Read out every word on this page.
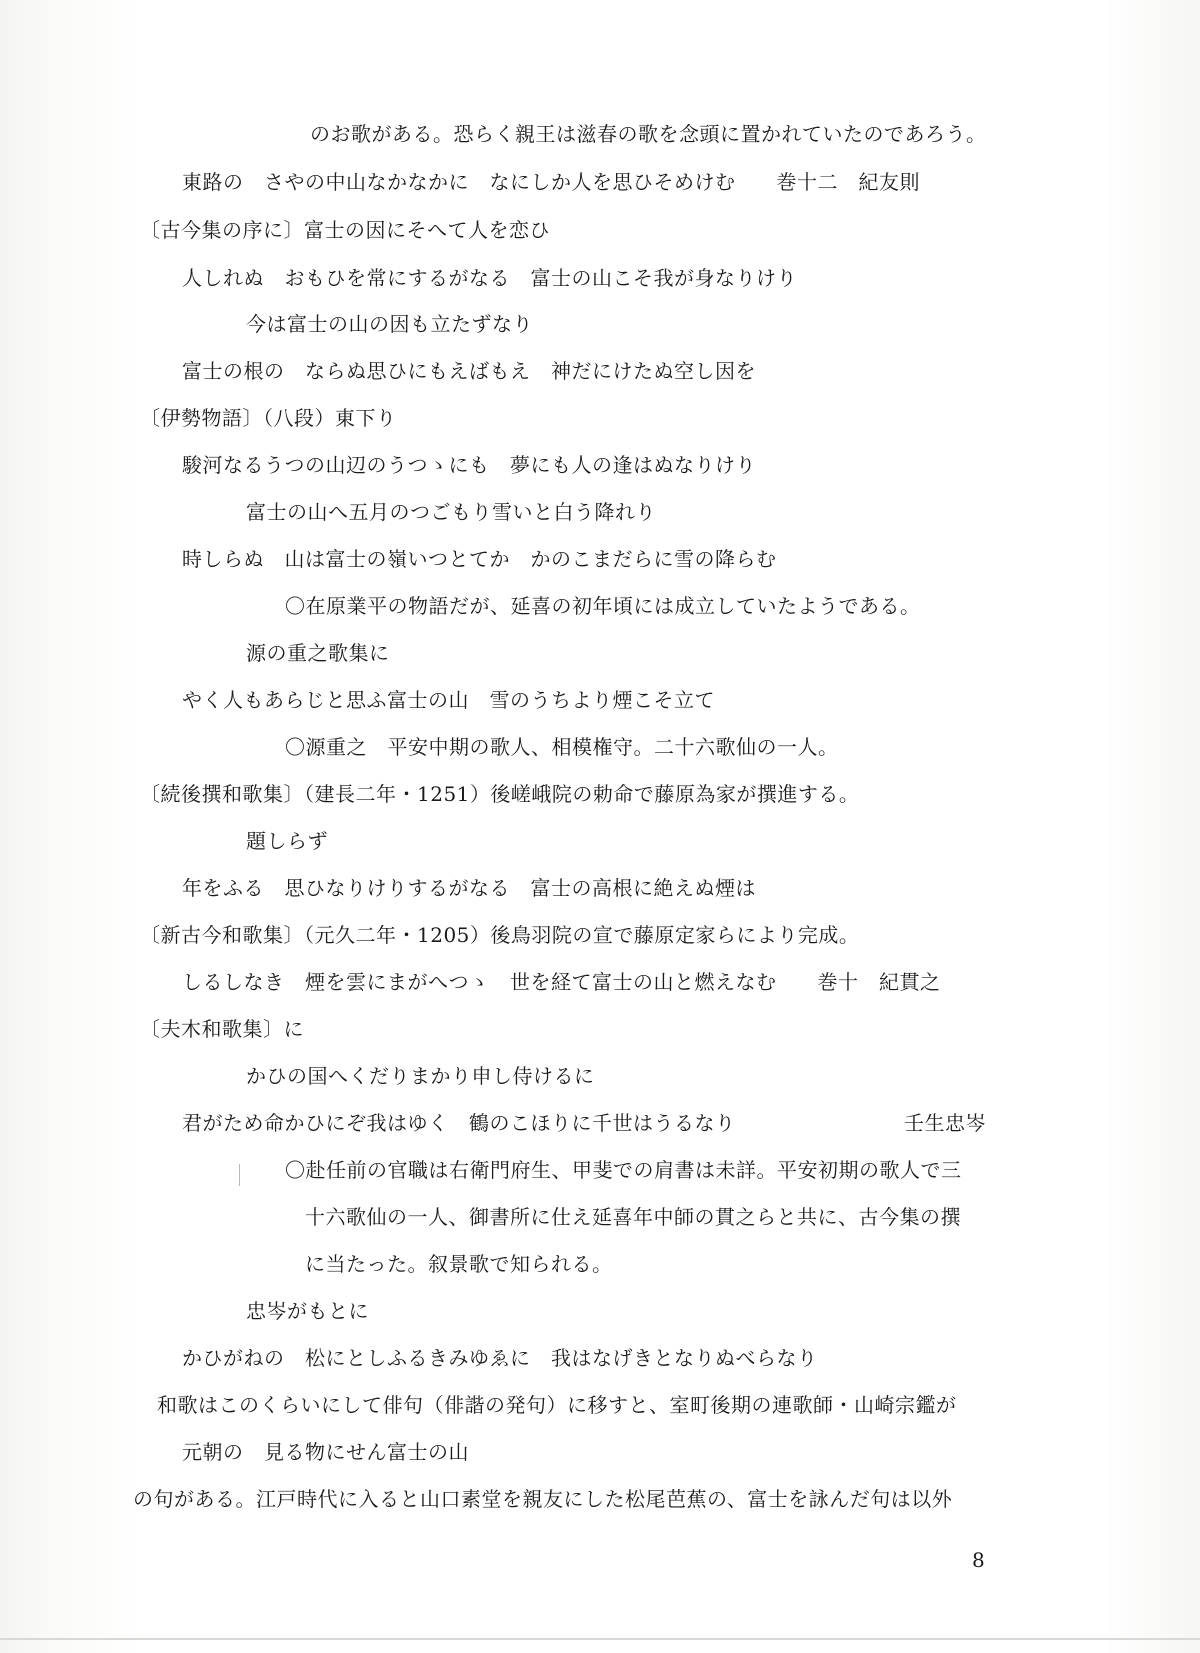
のお歌がある。恐らく親王は滋春の歌を念頭に置かれていたのであろう。
東路の　さやの中山なかなかに　なにしか人を思ひそめけむ　　巻十二　紀友則
〔古今集の序に〕富士の因にそへて人を恋ひ
人しれぬ　おもひを常にするがなる　富士の山こそ我が身なりけり
今は富士の山の因も立たずなり
富士の根の　ならぬ思ひにもえばもえ　神だにけたぬ空し因を
〔伊勢物語〕（八段）東下り
駿河なるうつの山辺のうつゝにも　夢にも人の逢はぬなりけり
富士の山へ五月のつごもり雪いと白う降れり
時しらぬ　山は富士の嶺いつとてか　かのこまだらに雪の降らむ
〇在原業平の物語だが、延喜の初年頃には成立していたようである。
源の重之歌集に
やく人もあらじと思ふ富士の山　雪のうちより煙こそ立て
〇源重之　平安中期の歌人、相模権守。二十六歌仙の一人。
〔続後撰和歌集〕（建長二年・1251）後嵯峨院の勅命で藤原為家が撰進する。
題しらず
年をふる　思ひなりけりするがなる　富士の高根に絶えぬ煙は
〔新古今和歌集〕（元久二年・1205）後鳥羽院の宣で藤原定家らにより完成。
しるしなき　煙を雲にまがへつゝ　世を経て富士の山と燃えなむ　　巻十　紀貫之
〔夫木和歌集〕に
かひの国へくだりまかり申し侍けるに
君がため命かひにぞ我はゆく　鶴のこほりに千世はうるなり	壬生忠岑
〇赴任前の官職は右衛門府生、甲斐での肩書は未詳。平安初期の歌人で三
十六歌仙の一人、御書所に仕え延喜年中師の貫之らと共に、古今集の撰
に当たった。叙景歌で知られる。
忠岑がもとに
かひがねの　松にとしふるきみゆゑに　我はなげきとなりぬべらなり
和歌はこのくらいにして俳句（俳諧の発句）に移すと、室町後期の連歌師・山崎宗鑑が
元朝の　見る物にせん富士の山
の句がある。江戸時代に入ると山口素堂を親友にした松尾芭蕉の、富士を詠んだ句は以外
8
